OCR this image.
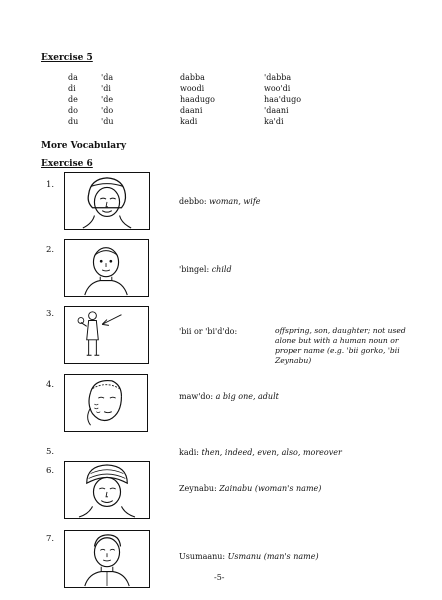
Exercise 5
da	'da	dabba	'dabba
di	'di	woodi	woo'di
de	'de	haadugo	haa'dugo
do	'do	daani	'daani
du	'du	kadi	ka'di
More Vocabulary
Exercise 6
1.
debbo: woman, wife
2.
'bingel: child
3.
'bii or 'bi'd'do:	offspring, son, daughter; not used alone but with a human noun or proper name (e.g. 'bii gorko, 'bii Zeynabu)
4.
maw'do: a big one, adult
5.	kadi: then, indeed, even, also, moreover
6.
Zeynabu: Zainabu (woman's name)
7.
Usumaanu: Usmanu (man's name)
-5-
